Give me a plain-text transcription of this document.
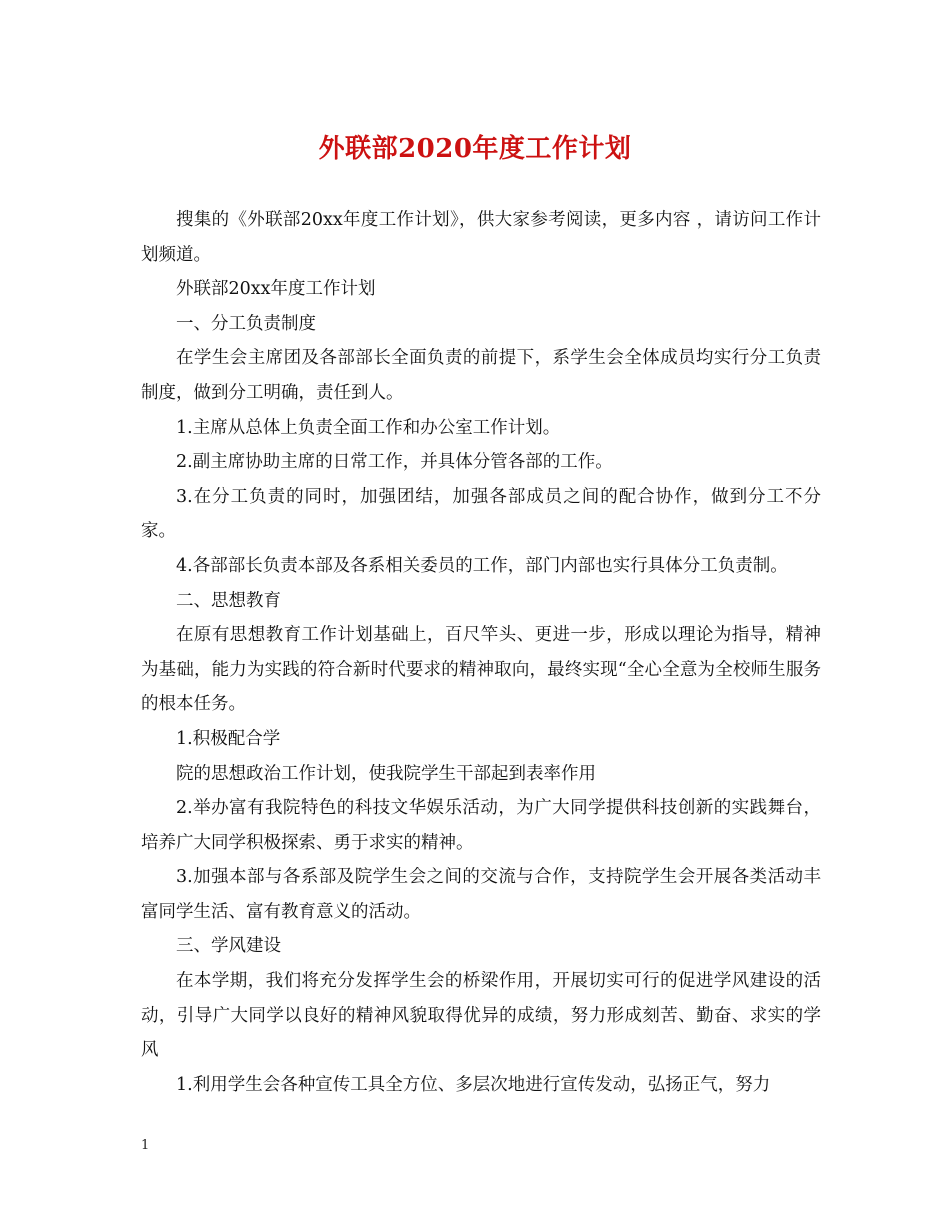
外联部2020年度工作计划

搜集的《外联部20xx年度工作计划》，供大家参考阅读，更多内容 ，请访问工作计划频道。

外联部20xx年度工作计划

一、分工负责制度

在学生会主席团及各部部长全面负责的前提下，系学生会全体成员均实行分工负责制度，做到分工明确，责任到人。

1.主席从总体上负责全面工作和办公室工作计划。

2.副主席协助主席的日常工作，并具体分管各部的工作。

3.在分工负责的同时，加强团结，加强各部成员之间的配合协作，做到分工不分家。

4.各部部长负责本部及各系相关委员的工作，部门内部也实行具体分工负责制。

二、思想教育

在原有思想教育工作计划基础上，百尺竿头、更进一步，形成以理论为指导，精神为基础，能力为实践的符合新时代要求的精神取向，最终实现“全心全意为全校师生服务的根本任务。

1.积极配合学

院的思想政治工作计划，使我院学生干部起到表率作用

2.举办富有我院特色的科技文华娱乐活动，为广大同学提供科技创新的实践舞台，培养广大同学积极探索、勇于求实的精神。

3.加强本部与各系部及院学生会之间的交流与合作，支持院学生会开展各类活动丰富同学生活、富有教育意义的活动。

三、学风建设

在本学期，我们将充分发挥学生会的桥梁作用，开展切实可行的促进学风建设的活动，引导广大同学以良好的精神风貌取得优异的成绩，努力形成刻苦、勤奋、求实的学风

1.利用学生会各种宣传工具全方位、多层次地进行宣传发动，弘扬正气，努力

1
